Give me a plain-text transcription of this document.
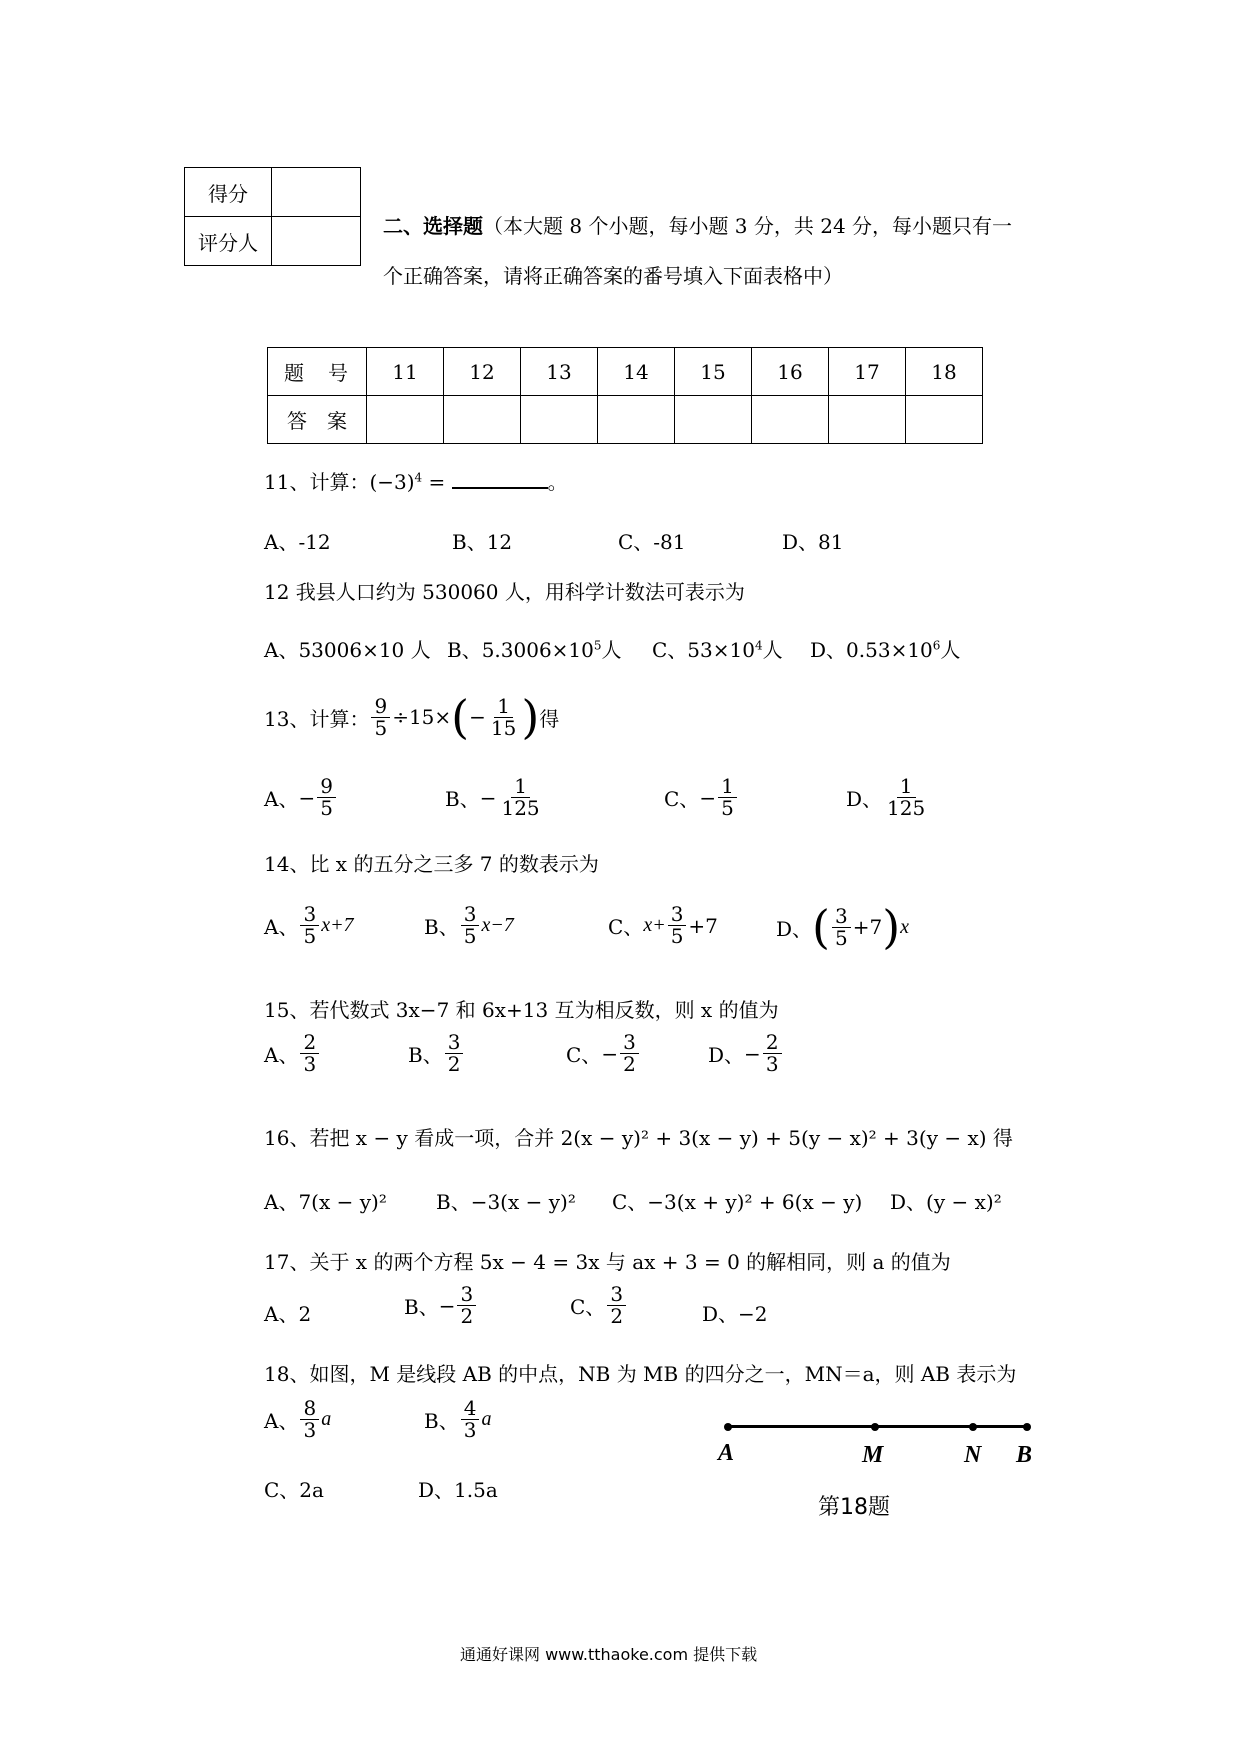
得分	
评分人	
二、选择题（本大题 8 个小题，每小题 3 分，共 24 分，每小题只有一
个正确答案，请将正确答案的番号填入下面表格中）
题　号	11	12	13	14	15	16	17	18
答　案								
11、计算：$(-3)^4$ =	。
A、-12	B、12	C、-81	D、81
12 我县人口约为 530060 人，用科学计数法可表示为
A、53006×10 人 B、$5.3006\times 10^5$人 C、$53\times 10^4$人 D、$0.53\times 10^6$人
13、计算： $\frac{9}{5} \div 15\times$ ( − $\frac{1}{15}$ ) 得
A、 − $\frac{9}{5}$	B、 − $\frac{1}{125}$	C、 − $\frac{1}{5}$	D、 $\frac{1}{125}$
14、比 x 的五分之三多 7 的数表示为
A、 $\frac{3}{5} x+7$	B、 $\frac{3}{5} x-7$	C、 $x+ \frac{3}{5} +7$	D、 ( $\frac{3}{5} +7$ ) x
15、若代数式 3x−7 和 6x+13 互为相反数，则 x 的值为
A、 $\frac{2}{3}$	B、 $\frac{3}{2}$	C、 − $\frac{3}{2}$	D、 − $\frac{2}{3}$
16、若把 x − y 看成一项，合并 2(x − y)² + 3(x − y) + 5(y − x)² + 3(y − x) 得
A、7(x − y)² B、−3(x − y)² C、−3(x + y)² + 6(x − y) D、(y − x)²
17、关于 x 的两个方程 5x − 4 = 3x 与 ax + 3 = 0 的解相同，则 a 的值为
A、2	B、 − $\frac{3}{2}$	C、 $\frac{3}{2}$	D、−2
18、如图，M 是线段 AB 的中点，NB 为 MB 的四分之一，MN＝a，则 AB 表示为
A、 $\frac{8}{3}$ a	B、 $\frac{4}{3}$ a
C、2a	D、1.5a
A	M	N B
第18题
通通好课网 www.tthaoke.com 提供下载
